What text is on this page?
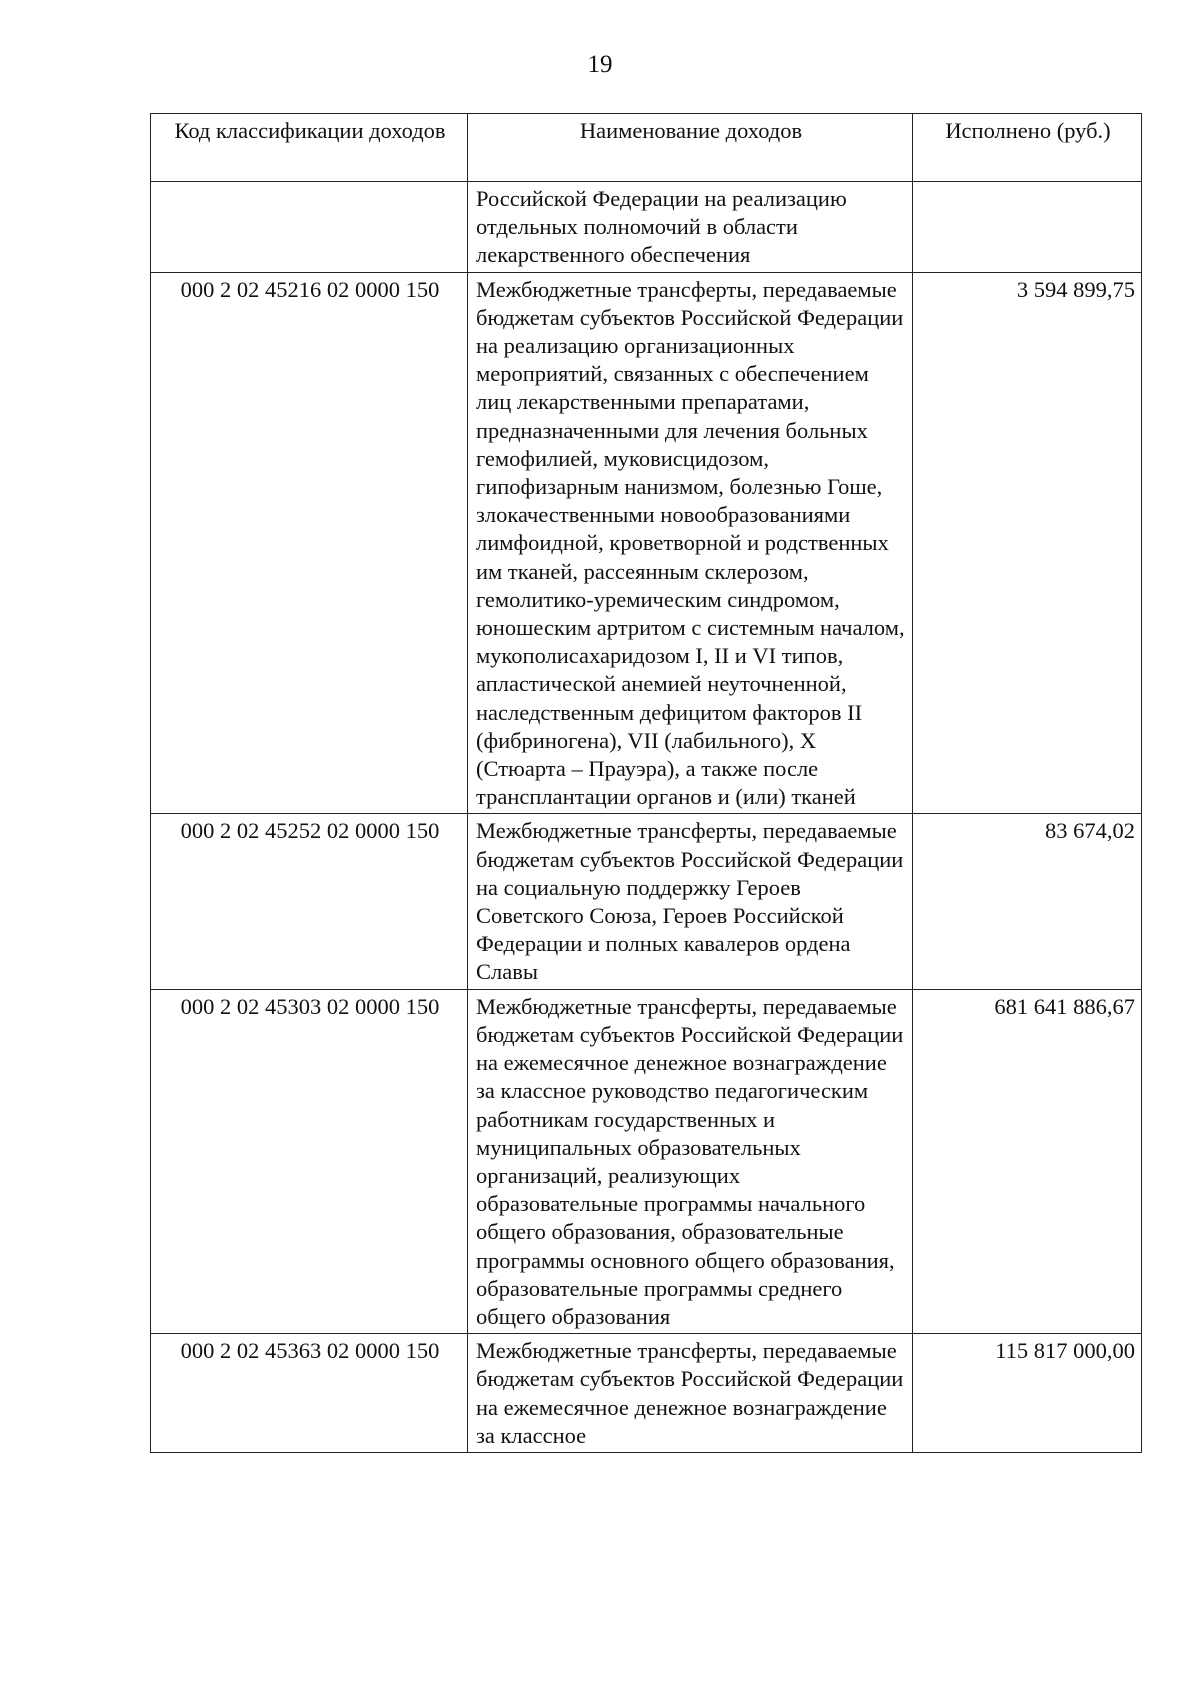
19
Код классификации доходов	Наименование доходов	Исполнено (руб.)
	Российской Федерации на реализацию отдельных полномочий в области лекарственного обеспечения	
000 2 02 45216 02 0000 150	Межбюджетные трансферты, передаваемые бюджетам субъектов Российской Федерации на реализацию организационных мероприятий, связанных с обеспечением лиц лекарственными препаратами, предназначенными для лечения больных гемофилией, муковисцидозом, гипофизарным нанизмом, болезнью Гоше, злокачественными новообразованиями лимфоидной, кроветворной и родственных им тканей, рассеянным склерозом, гемолитико-уремическим синдромом, юношеским артритом с системным началом, мукополисахаридозом I, II и VI типов, апластической анемией неуточненной, наследственным дефицитом факторов II (фибриногена), VII (лабильного), X (Стюарта – Прауэра), а также после трансплантации органов и (или) тканей	3 594 899,75
000 2 02 45252 02 0000 150	Межбюджетные трансферты, передаваемые бюджетам субъектов Российской Федерации на социальную поддержку Героев Советского Союза, Героев Российской Федерации и полных кавалеров ордена Славы	83 674,02
000 2 02 45303 02 0000 150	Межбюджетные трансферты, передаваемые бюджетам субъектов Российской Федерации на ежемесячное денежное вознаграждение за классное руководство педагогическим работникам государственных и муниципальных образовательных организаций, реализующих образовательные программы начального общего образования, образовательные программы основного общего образования, образовательные программы среднего общего образования	681 641 886,67
000 2 02 45363 02 0000 150	Межбюджетные трансферты, передаваемые бюджетам субъектов Российской Федерации на ежемесячное денежное вознаграждение за классное	115 817 000,00
